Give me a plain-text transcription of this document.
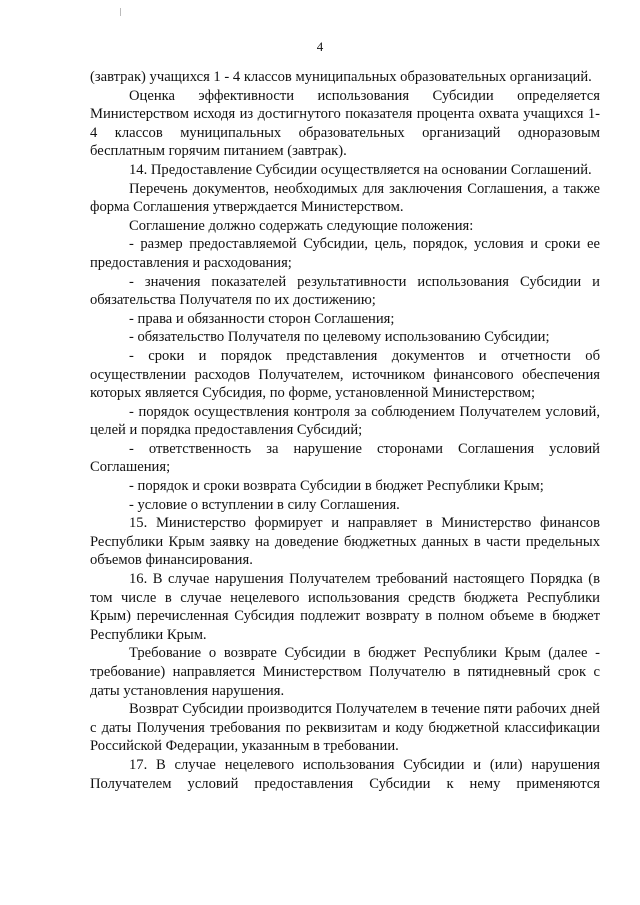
4

(завтрак) учащихся 1 - 4 классов муниципальных образовательных организаций.

Оценка эффективности использования Субсидии определяется Министерством исходя из достигнутого показателя процента охвата учащихся 1-4 классов муниципальных образовательных организаций одноразовым бесплатным горячим питанием (завтрак).

14. Предоставление Субсидии осуществляется на основании Соглашений.

Перечень документов, необходимых для заключения Соглашения, а также форма Соглашения утверждается Министерством.

Соглашение должно содержать следующие положения:

- размер предоставляемой Субсидии, цель, порядок, условия и сроки ее предоставления и расходования;

- значения показателей результативности использования Субсидии и обязательства Получателя по их достижению;

- права и обязанности сторон Соглашения;

- обязательство Получателя по целевому использованию Субсидии;

- сроки и порядок представления документов и отчетности об осуществлении расходов Получателем, источником финансового обеспечения которых является Субсидия, по форме, установленной Министерством;

- порядок осуществления контроля за соблюдением Получателем условий, целей и порядка предоставления Субсидий;

- ответственность за нарушение сторонами Соглашения условий Соглашения;

- порядок и сроки возврата Субсидии в бюджет Республики Крым;

- условие о вступлении в силу Соглашения.

15. Министерство формирует и направляет в Министерство финансов Республики Крым заявку на доведение бюджетных данных в части предельных объемов финансирования.

16. В случае нарушения Получателем требований настоящего Порядка (в том числе в случае нецелевого использования средств бюджета Республики Крым) перечисленная Субсидия подлежит возврату в полном объеме в бюджет Республики Крым.

Требование о возврате Субсидии в бюджет Республики Крым (далее - требование) направляется Министерством Получателю в пятидневный срок с даты установления нарушения.

Возврат Субсидии производится Получателем в течение пяти рабочих дней с даты Получения требования по реквизитам и коду бюджетной классификации Российской Федерации, указанным в требовании.

17. В случае нецелевого использования Субсидии и (или) нарушения Получателем условий предоставления Субсидии к нему применяются
